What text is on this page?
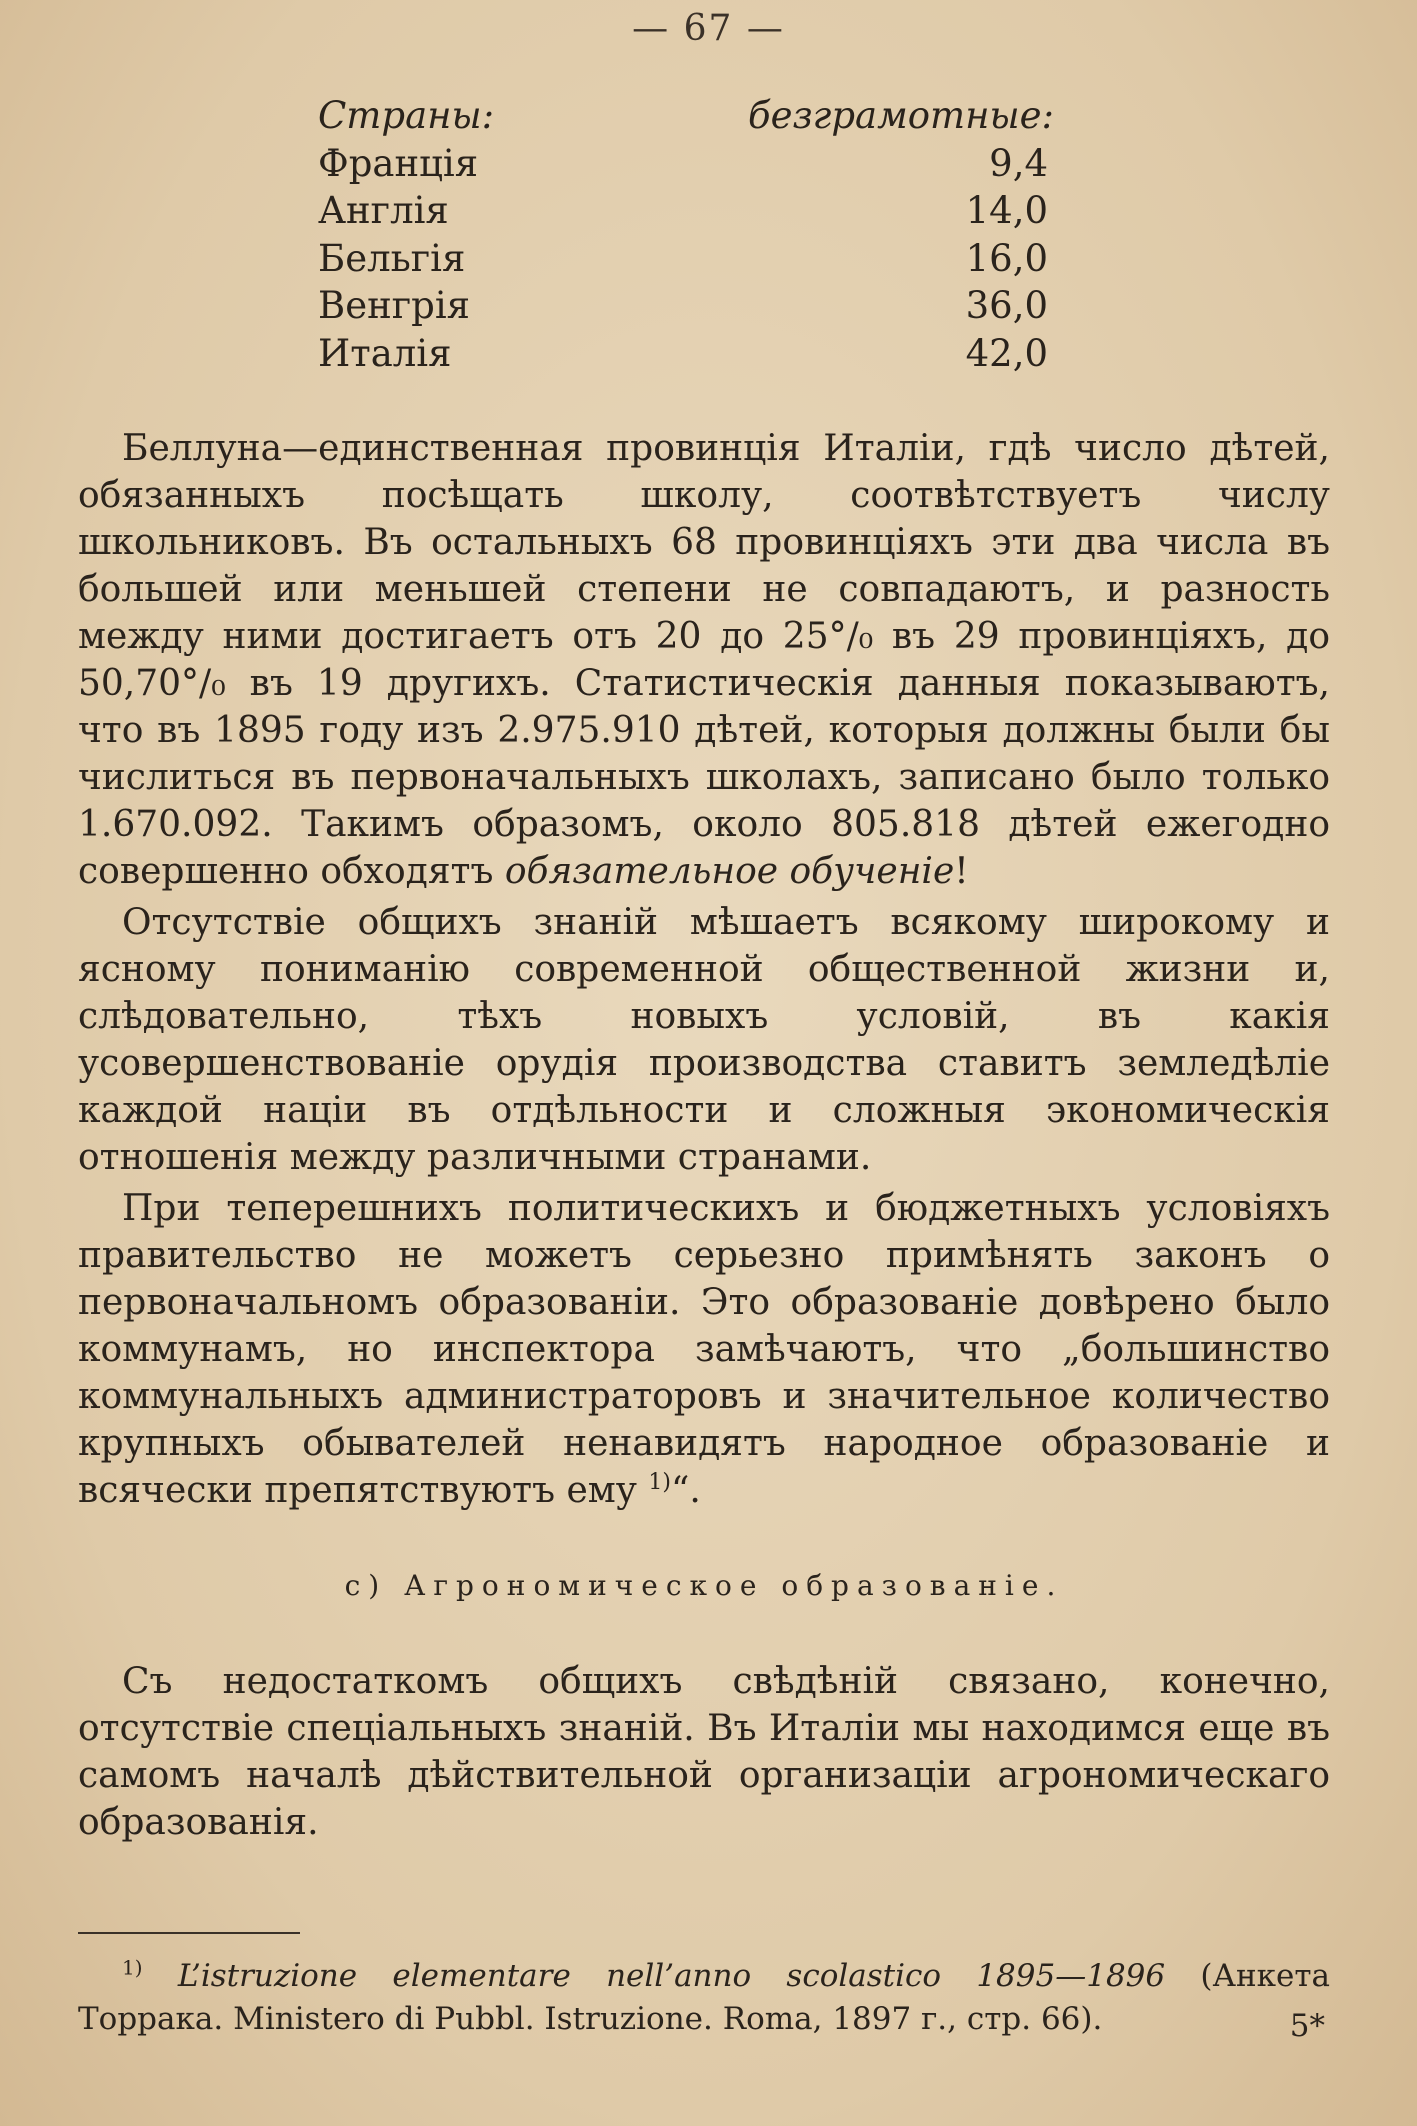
— 67 —
Страны:	безграмотные:
Францiя	9,4
Англiя	14,0
Бельгiя	16,0
Венгрiя	36,0
Италiя	42,0

Беллуна—единственная провинцiя Италiи, гдѣ число дѣтей, обязанныхъ посѣщать школу, соотвѣтствуетъ числу школьниковъ. Въ остальныхъ 68 провинцiяхъ эти два числа въ большей или меньшей степени не совпадаютъ, и разность между ними достигаетъ отъ 20 до 25°/₀ въ 29 провинцiяхъ, до 50,70°/₀ въ 19 другихъ. Статистическiя данныя показываютъ, что въ 1895 году изъ 2.975.910 дѣтей, которыя должны были бы числиться въ первоначальныхъ школахъ, записано было только 1.670.092. Такимъ образомъ, около 805.818 дѣтей ежегодно совершенно обходятъ обязательное обученiе!

Отсутствiе общихъ знанiй мѣшаетъ всякому широкому и ясному пониманiю современной общественной жизни и, слѣдовательно, тѣхъ новыхъ условiй, въ какiя усовершенствованiе орудiя производства ставитъ земледѣлiе каждой нацiи въ отдѣльности и сложныя экономическiя отношенiя между различными странами.

При теперешнихъ политическихъ и бюджетныхъ условiяхъ правительство не можетъ серьезно примѣнять законъ о первоначальномъ образованiи. Это образованiе довѣрено было коммунамъ, но инспектора замѣчаютъ, что „большинство коммунальныхъ администраторовъ и значительное количество крупныхъ обывателей ненавидятъ народное образованiе и всячески препятствуютъ ему $^{1)}$“.

с) Агрономическое образованiе.

Съ недостаткомъ общихъ свѣдѣнiй связано, конечно, отсутствiе спецiальныхъ знанiй. Въ Италiи мы находимся еще въ самомъ началѣ дѣйствительной организацiи агрономическаго образованiя.

$^{1)}$ L’istruzione elementare nell’anno scolastico 1895—1896 (Анкета Торрака. Ministero di Pubbl. Istruzione. Roma, 1897 г., стр. 66).	5*
